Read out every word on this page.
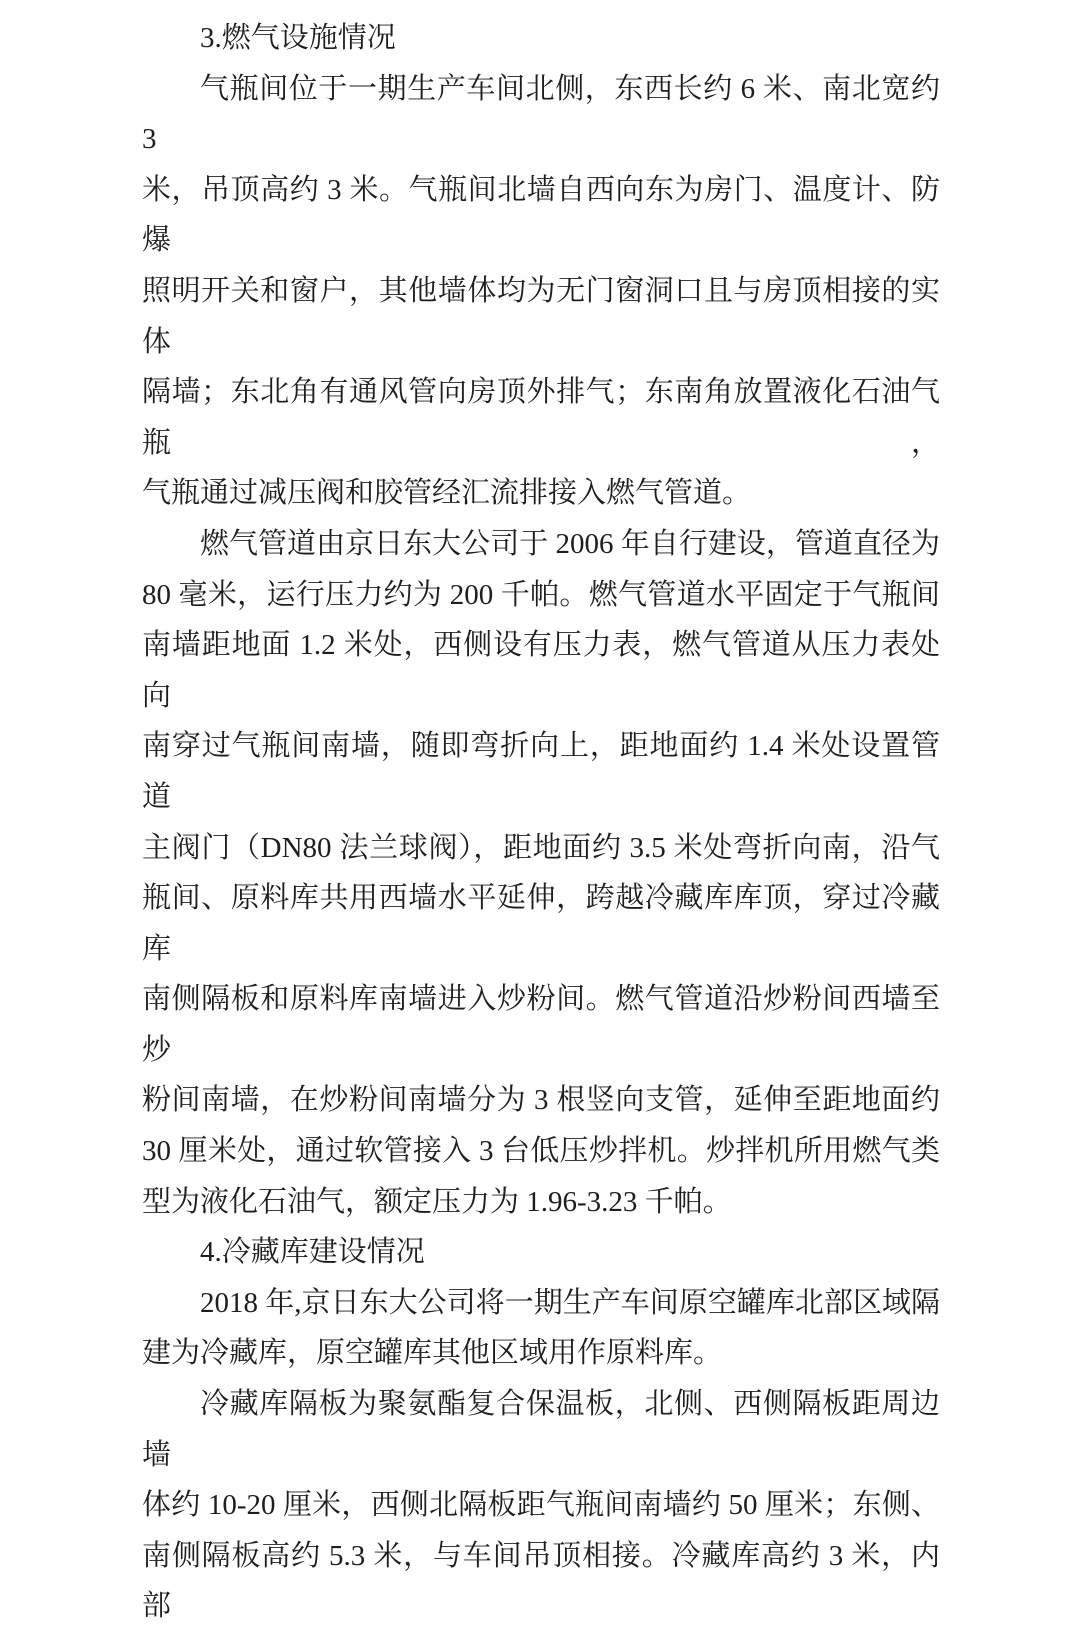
3.燃气设施情况
气瓶间位于一期生产车间北侧，东西长约 6 米、南北宽约 3
米，吊顶高约 3 米。气瓶间北墙自西向东为房门、温度计、防爆
照明开关和窗户，其他墙体均为无门窗洞口且与房顶相接的实体
隔墙；东北角有通风管向房顶外排气；东南角放置液化石油气瓶，
气瓶通过减压阀和胶管经汇流排接入燃气管道。
燃气管道由京日东大公司于 2006 年自行建设，管道直径为
80 毫米，运行压力约为 200 千帕。燃气管道水平固定于气瓶间
南墙距地面 1.2 米处，西侧设有压力表，燃气管道从压力表处向
南穿过气瓶间南墙，随即弯折向上，距地面约 1.4 米处设置管道
主阀门（DN80 法兰球阀），距地面约 3.5 米处弯折向南，沿气
瓶间、原料库共用西墙水平延伸，跨越冷藏库库顶，穿过冷藏库
南侧隔板和原料库南墙进入炒粉间。燃气管道沿炒粉间西墙至炒
粉间南墙，在炒粉间南墙分为 3 根竖向支管，延伸至距地面约
30 厘米处，通过软管接入 3 台低压炒拌机。炒拌机所用燃气类
型为液化石油气，额定压力为 1.96-3.23 千帕。
4.冷藏库建设情况
2018 年,京日东大公司将一期生产车间原空罐库北部区域隔
建为冷藏库，原空罐库其他区域用作原料库。
冷藏库隔板为聚氨酯复合保温板，北侧、西侧隔板距周边墙
体约 10-20 厘米，西侧北隔板距气瓶间南墙约 50 厘米；东侧、
南侧隔板高约 5.3 米，与车间吊顶相接。冷藏库高约 3 米，内部
